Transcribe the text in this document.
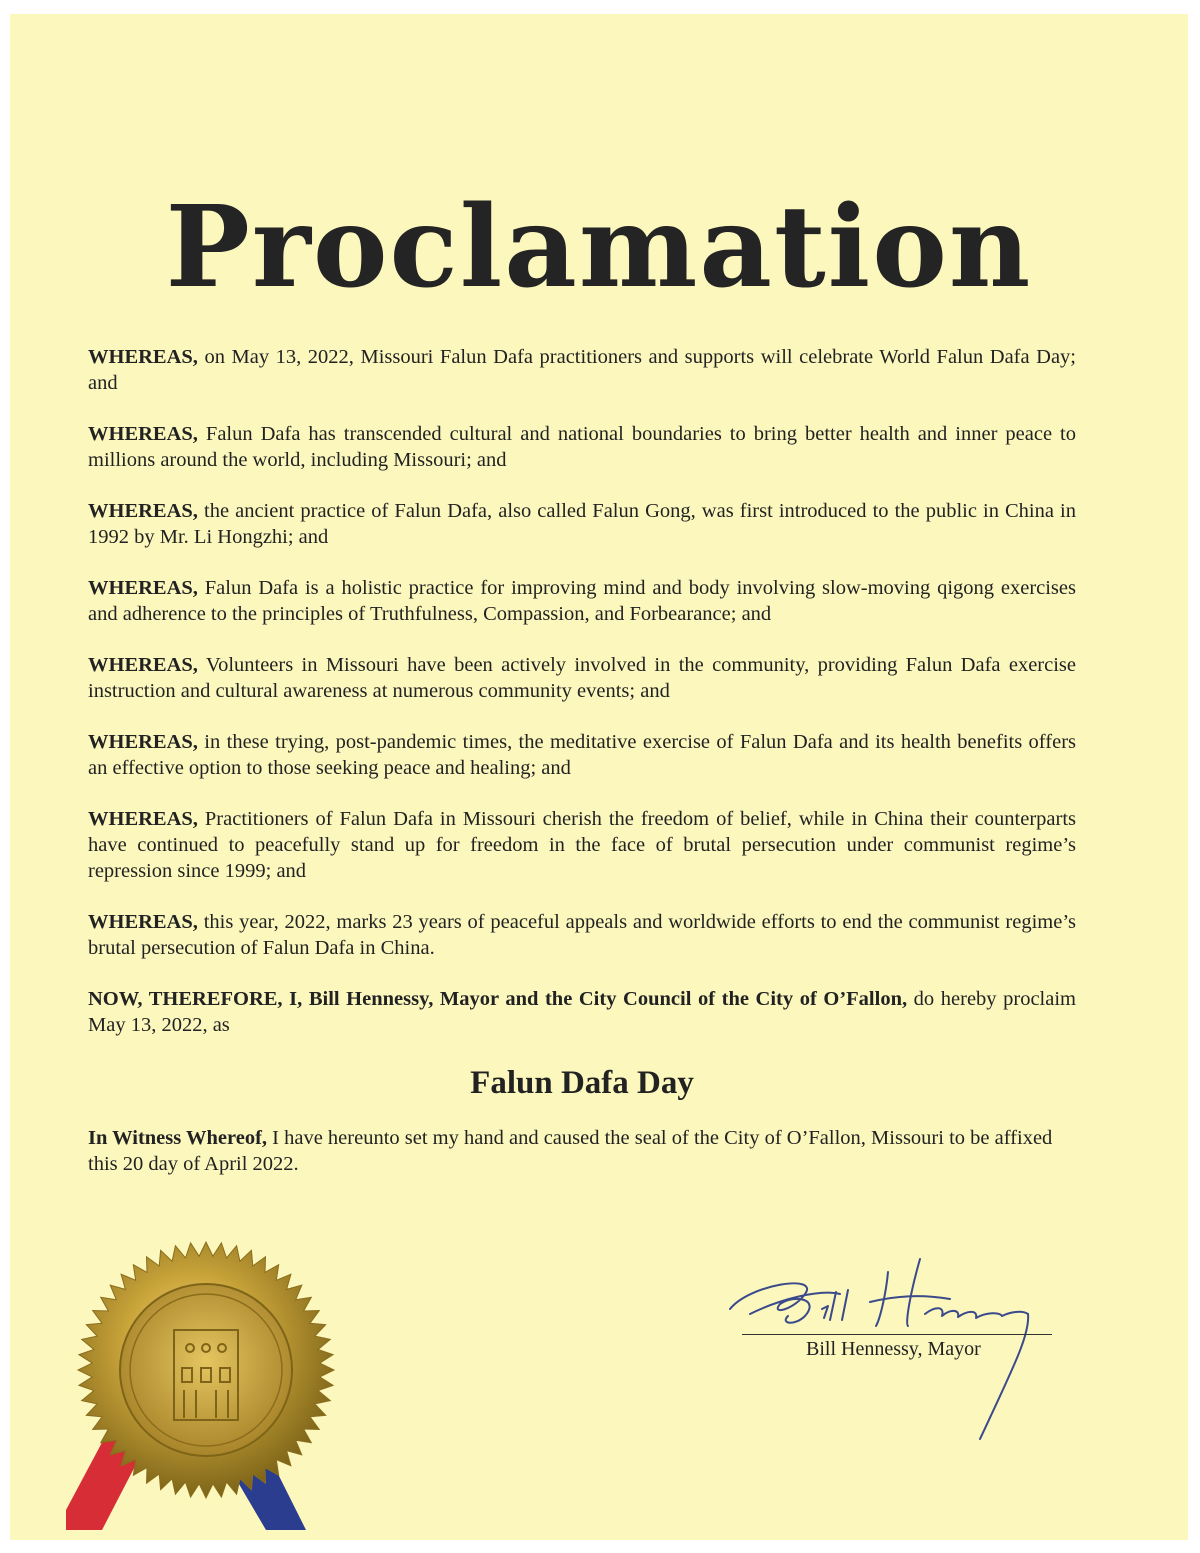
Proclamation

WHEREAS, on May 13, 2022, Missouri Falun Dafa practitioners and supports will celebrate World Falun Dafa Day; and

WHEREAS, Falun Dafa has transcended cultural and national boundaries to bring better health and inner peace to millions around the world, including Missouri; and

WHEREAS, the ancient practice of Falun Dafa, also called Falun Gong, was first introduced to the public in China in 1992 by Mr. Li Hongzhi; and

WHEREAS, Falun Dafa is a holistic practice for improving mind and body involving slow-moving qigong exercises and adherence to the principles of Truthfulness, Compassion, and Forbearance; and

WHEREAS, Volunteers in Missouri have been actively involved in the community, providing Falun Dafa exercise instruction and cultural awareness at numerous community events; and

WHEREAS, in these trying, post-pandemic times, the meditative exercise of Falun Dafa and its health benefits offers an effective option to those seeking peace and healing; and

WHEREAS, Practitioners of Falun Dafa in Missouri cherish the freedom of belief, while in China their counterparts have continued to peacefully stand up for freedom in the face of brutal persecution under communist regime’s repression since 1999; and

WHEREAS, this year, 2022, marks 23 years of peaceful appeals and worldwide efforts to end the communist regime’s brutal persecution of Falun Dafa in China.

NOW, THEREFORE, I, Bill Hennessy, Mayor and the City Council of the City of O’Fallon, do hereby proclaim May 13, 2022, as

Falun Dafa Day

In Witness Whereof, I have hereunto set my hand and caused the seal of the City of O’Fallon, Missouri to be affixed this 20 day of April 2022.

Bill Hennessy, Mayor
